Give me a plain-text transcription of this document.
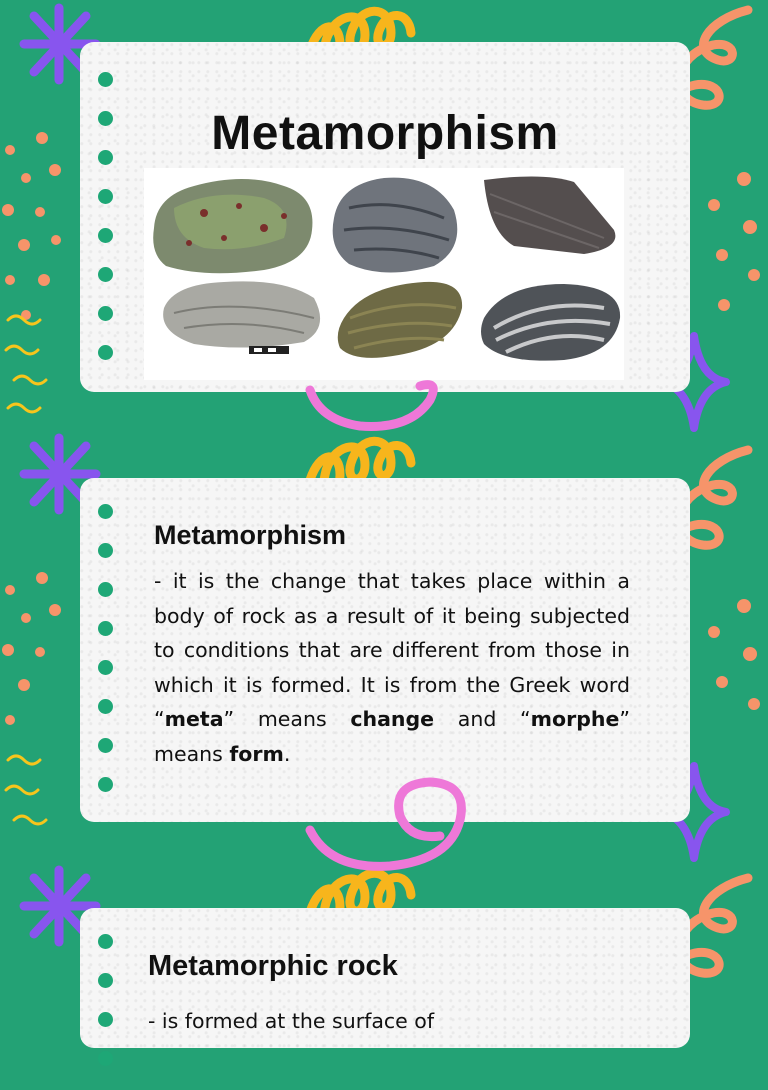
Metamorphism
Metamorphism
- it is the change that takes place within a body of rock as a result of it being subjected to conditions that are different from those in which it is formed. It is from the Greek word “meta” means change and “morphe” means form.
Metamorphic rock
- is formed at the surface of
